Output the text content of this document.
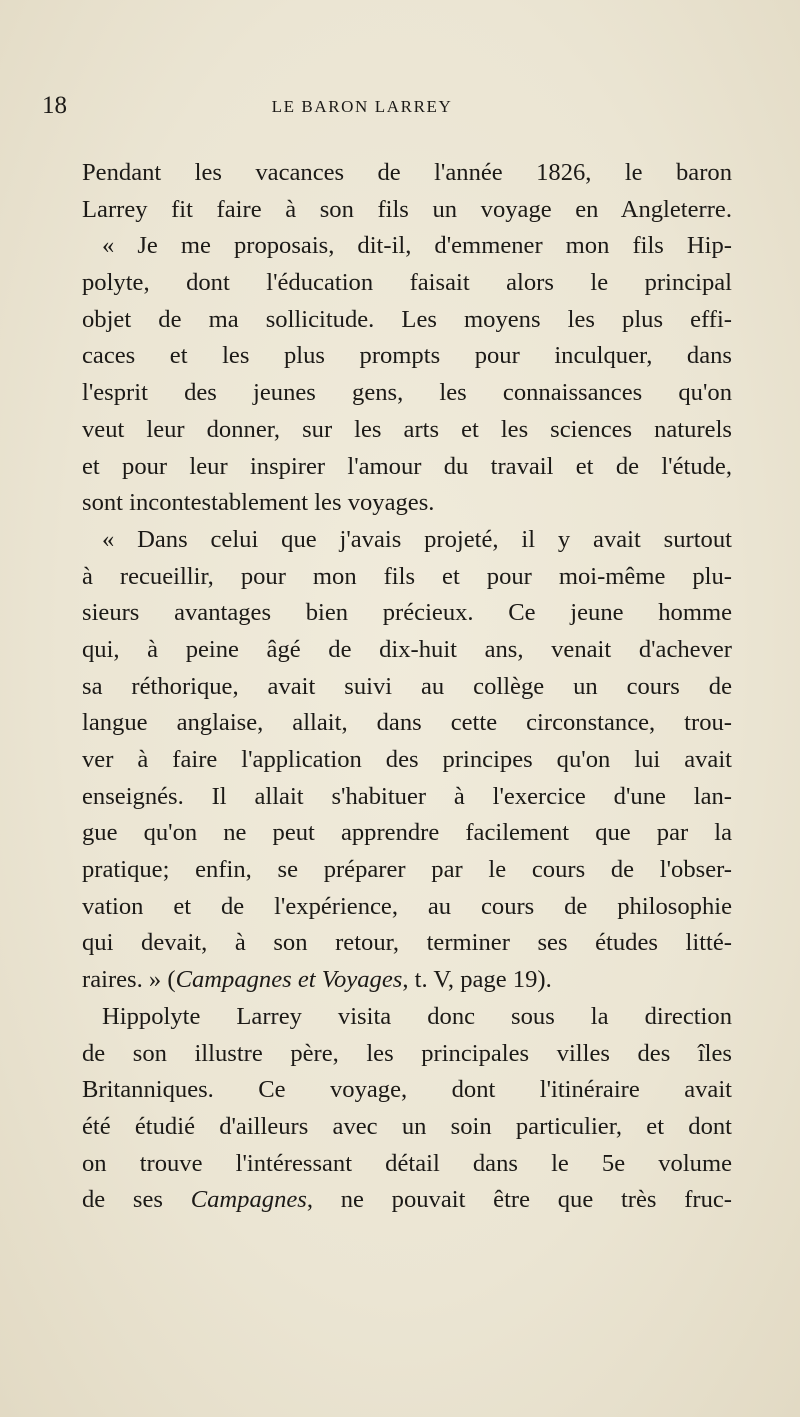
18	LE BARON LARREY
Pendant les vacances de l'année 1826, le baron
Larrey fit faire à son fils un voyage en Angleterre.
« Je me proposais, dit-il, d'emmener mon fils Hip-
polyte, dont l'éducation faisait alors le principal
objet de ma sollicitude. Les moyens les plus effi-
caces et les plus prompts pour inculquer, dans
l'esprit des jeunes gens, les connaissances qu'on
veut leur donner, sur les arts et les sciences naturels
et pour leur inspirer l'amour du travail et de l'étude,
sont incontestablement les voyages.
« Dans celui que j'avais projeté, il y avait surtout
à recueillir, pour mon fils et pour moi-même plu-
sieurs avantages bien précieux. Ce jeune homme
qui, à peine âgé de dix-huit ans, venait d'achever
sa réthorique, avait suivi au collège un cours de
langue anglaise, allait, dans cette circonstance, trou-
ver à faire l'application des principes qu'on lui avait
enseignés. Il allait s'habituer à l'exercice d'une lan-
gue qu'on ne peut apprendre facilement que par la
pratique; enfin, se préparer par le cours de l'obser-
vation et de l'expérience, au cours de philosophie
qui devait, à son retour, terminer ses études litté-
raires. » (Campagnes et Voyages, t. V, page 19).
Hippolyte Larrey visita donc sous la direction
de son illustre père, les principales villes des îles
Britanniques. Ce voyage, dont l'itinéraire avait
été étudié d'ailleurs avec un soin particulier, et dont
on trouve l'intéressant détail dans le 5e volume
de ses Campagnes, ne pouvait être que très fruc-
